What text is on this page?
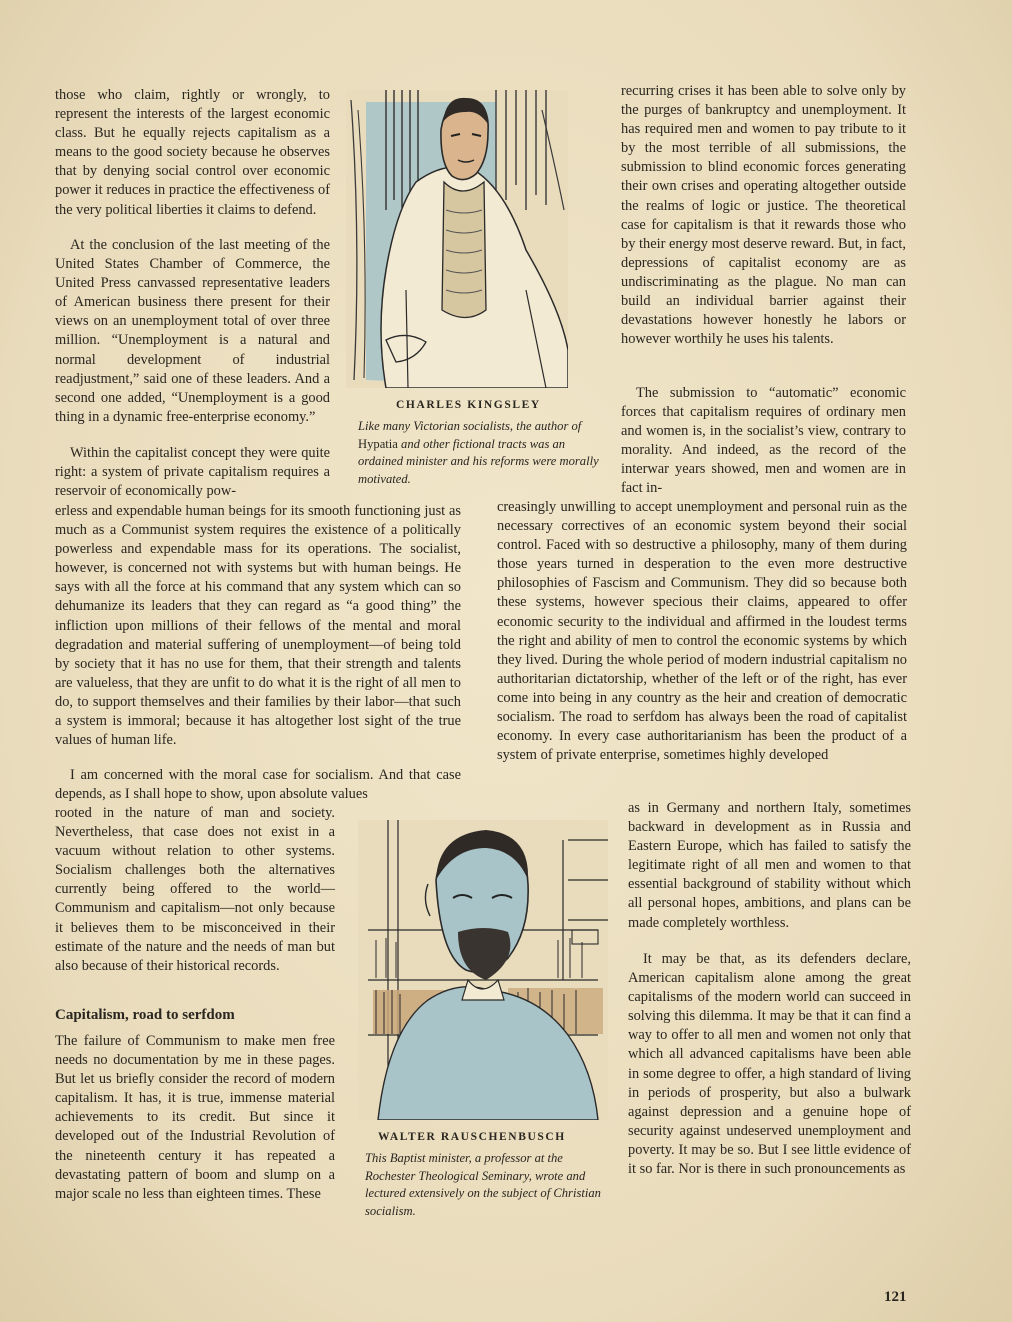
those who claim, rightly or wrongly, to represent the interests of the largest economic class. But he equally rejects capitalism as a means to the good society because he observes that by denying social control over economic power it reduces in practice the effectiveness of the very political liberties it claims to defend.

At the conclusion of the last meeting of the United States Chamber of Commerce, the United Press canvassed representative leaders of American business there present for their views on an unemployment total of over three million. “Unemployment is a natural and normal development of industrial readjustment,” said one of these leaders. And a second one added, “Unemployment is a good thing in a dynamic free-enterprise economy.”

Within the capitalist concept they were quite right: a system of private capitalism requires a reservoir of economically pow-

CHARLES KINGSLEY

Like many Victorian socialists, the author of Hypatia and other fictional tracts was an ordained minister and his reforms were morally motivated.

recurring crises it has been able to solve only by the purges of bankruptcy and unemployment. It has required men and women to pay tribute to it by the most terrible of all submissions, the submission to blind economic forces generating their own crises and operating altogether outside the realms of logic or justice. The theoretical case for capitalism is that it rewards those who by their energy most deserve reward. But, in fact, depressions of capitalist economy are as undiscriminating as the plague. No man can build an individual barrier against their devastations however honestly he labors or however worthily he uses his talents.

The submission to “automatic” economic forces that capitalism requires of ordinary men and women is, in the socialist’s view, contrary to morality. And indeed, as the record of the interwar years showed, men and women are in fact in-

erless and expendable human beings for its smooth functioning just as much as a Communist system requires the existence of a politically powerless and expendable mass for its operations. The socialist, however, is concerned not with systems but with human beings. He says with all the force at his command that any system which can so dehumanize its leaders that they can regard as “a good thing” the infliction upon millions of their fellows of the mental and moral degradation and material suffering of unemployment—of being told by society that it has no use for them, that their strength and talents are valueless, that they are unfit to do what it is the right of all men to do, to support themselves and their families by their labor—that such a system is immoral; because it has altogether lost sight of the true values of human life.

I am concerned with the moral case for socialism. And that case depends, as I shall hope to show, upon absolute values

creasingly unwilling to accept unemployment and personal ruin as the necessary correctives of an economic system beyond their social control. Faced with so destructive a philosophy, many of them during those years turned in desperation to the even more destructive philosophies of Fascism and Communism. They did so because both these systems, however specious their claims, appeared to offer economic security to the individual and affirmed in the loudest terms the right and ability of men to control the economic systems by which they lived. During the whole period of modern industrial capitalism no authoritarian dictatorship, whether of the left or of the right, has ever come into being in any country as the heir and creation of democratic socialism. The road to serfdom has always been the road of capitalist economy. In every case authoritarianism has been the product of a system of private enterprise, sometimes highly developed

rooted in the nature of man and society. Nevertheless, that case does not exist in a vacuum without relation to other systems. Socialism challenges both the alternatives currently being offered to the world—Communism and capitalism—not only because it believes them to be misconceived in their estimate of the nature and the needs of man but also because of their historical records.

Capitalism, road to serfdom

The failure of Communism to make men free needs no documentation by me in these pages. But let us briefly consider the record of modern capitalism. It has, it is true, immense material achievements to its credit. But since it developed out of the Industrial Revolution of the nineteenth century it has repeated a devastating pattern of boom and slump on a major scale no less than eighteen times. These

WALTER RAUSCHENBUSCH

This Baptist minister, a professor at the Rochester Theological Seminary, wrote and lectured extensively on the subject of Christian socialism.

as in Germany and northern Italy, sometimes backward in development as in Russia and Eastern Europe, which has failed to satisfy the legitimate right of all men and women to that essential background of stability without which all personal hopes, ambitions, and plans can be made completely worthless.

It may be that, as its defenders declare, American capitalism alone among the great capitalisms of the modern world can succeed in solving this dilemma. It may be that it can find a way to offer to all men and women not only that which all advanced capitalisms have been able in some degree to offer, a high standard of living in periods of prosperity, but also a bulwark against depression and a genuine hope of security against undeserved unemployment and poverty. It may be so. But I see little evidence of it so far. Nor is there in such pronouncements as

121
